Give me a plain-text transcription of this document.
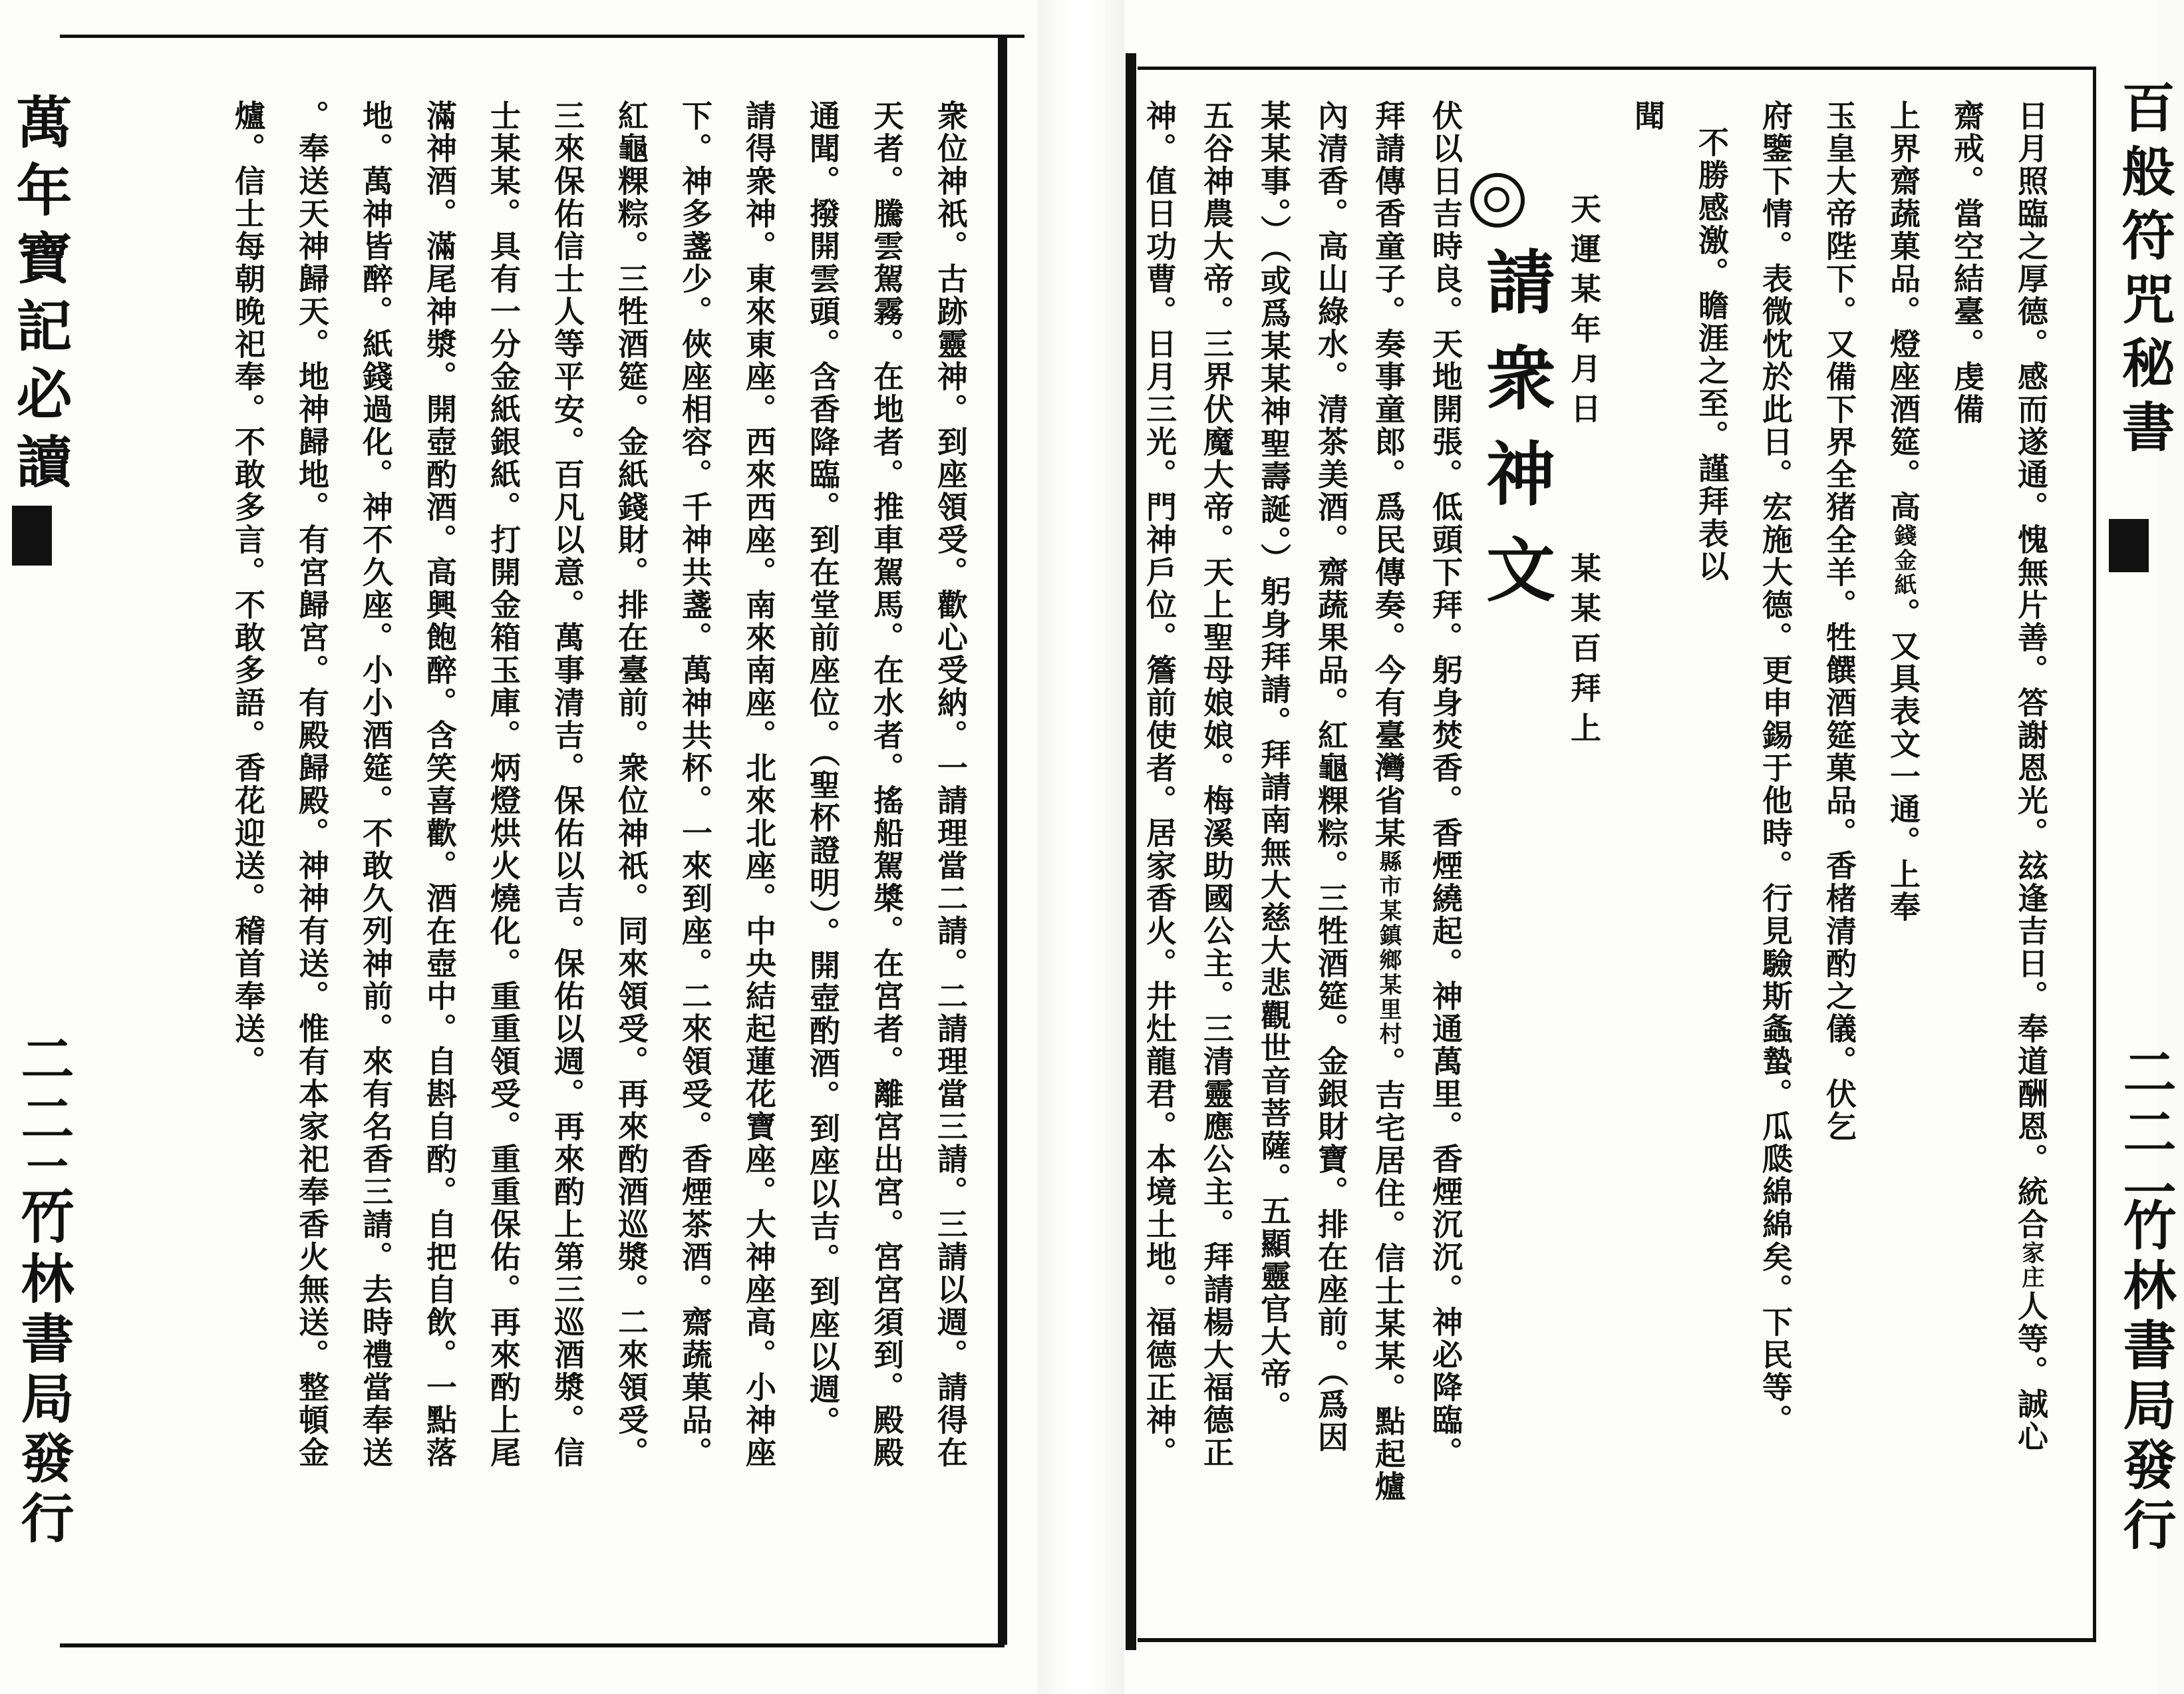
萬年寶記必讀
二二二
竹林書局發行	衆位神祇。古跡靈神。到座領受。歡心受納。一請理當二請。二請理當三請。三請以週。請得在
天者。騰雲駕霧。在地者。推車駕馬。在水者。搖船駕槳。在宮者。離宮出宮。宮宮須到。殿殿
通聞。撥開雲頭。含香降臨。到在堂前座位。（聖杯證明）。開壺酌酒。到座以吉。到座以週。
請得衆神。東來東座。西來西座。南來南座。北來北座。中央結起蓮花寶座。大神座高。小神座
下。神多盞少。俠座相容。千神共盞。萬神共杯。一來到座。二來領受。香煙茶酒。齋蔬菓品。
紅龜粿粽。三牲酒筵。金紙錢財。排在臺前。衆位神祇。同來領受。再來酌酒巡漿。二來領受。
三來保佑信士人等平安。百凡以意。萬事清吉。保佑以吉。保佑以週。再來酌上第三巡酒漿。信
士某某。具有一分金紙銀紙。打開金箱玉庫。炳燈烘火燒化。重重領受。重重保佑。再來酌上尾
滿神酒。滿尾神漿。開壺酌酒。高興飽醉。含笑喜歡。酒在壺中。自斟自酌。自把自飲。一點落
地。萬神皆醉。紙錢過化。神不久座。小小酒筵。不敢久列神前。來有名香三請。去時禮當奉送
。奉送天神歸天。地神歸地。有宮歸宮。有殿歸殿。神神有送。惟有本家祀奉香火無送。整頓金
爐。信士每朝晚祀奉。不敢多言。不敢多語。香花迎送。稽首奉送。	百般符咒秘書
二二一
竹林書局發行
日月照臨之厚德。感而遂通。愧無片善。答謝恩光。玆逢吉日。奉道酬恩。統合家庄人等。誠心
齋戒。當空結臺。虔備
上界齋蔬菓品。燈座酒筵。高錢金紙。又具表文一通。上奉
玉皇大帝陛下。又備下界全猪全羊。牲饌酒筵菓品。香楮清酌之儀。伏乞
府鑒下情。表微忱於此日。宏施大德。更申錫于他時。行見驗斯螽蟄。瓜瓞綿綿矣。下民等。
不勝感激。瞻涯之至。謹拜表以
聞
天運某年月日　　　某某百拜上
請衆神文
伏以日吉時良。天地開張。低頭下拜。躬身焚香。香煙繞起。神通萬里。香煙沉沉。神必降臨。
拜請傳香童子。奏事童郎。爲民傳奏。今有臺灣省某縣市某鎮鄉某里村。吉宅居住。信士某某。點起爐
內清香。高山綠水。清茶美酒。齋蔬果品。紅龜粿粽。三牲酒筵。金銀財寶。排在座前。（爲因
某某事。）（或爲某某神聖壽誕。）躬身拜請。拜請南無大慈大悲觀世音菩薩。五顯靈官大帝。
五谷神農大帝。三界伏魔大帝。天上聖母娘娘。梅溪助國公主。三清靈應公主。拜請楊大福德正
神。值日功曹。日月三光。門神戶位。簷前使者。居家香火。井灶龍君。本境土地。福德正神。
